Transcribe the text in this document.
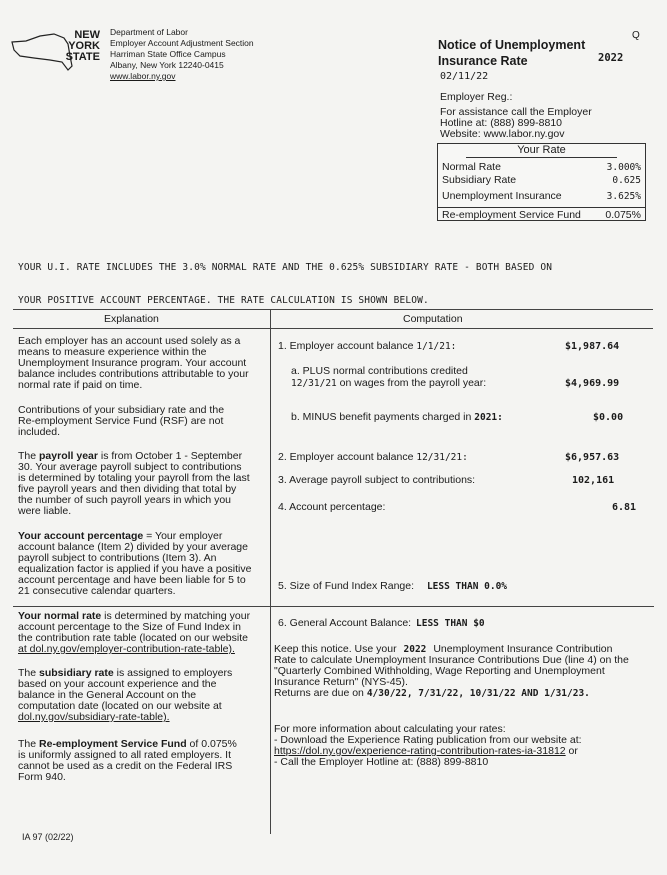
Q
NEW
YORK
STATE
Department of Labor
Employer Account Adjustment Section
Harriman State Office Campus
Albany, New York 12240-0415
www.labor.ny.gov
Notice of Unemployment
Insurance Rate	2022
02/11/22
Employer Reg.:
For assistance call the Employer
Hotline at: (888) 899-8810
Website: www.labor.ny.gov
Your Rate
Normal Rate	3.000%
Subsidiary Rate	0.625
Unemployment Insurance	3.625%
Re-employment Service Fund 0.075%

YOUR U.I. RATE INCLUDES THE 3.0% NORMAL RATE AND THE 0.625% SUBSIDIARY RATE - BOTH BASED ON

YOUR POSITIVE ACCOUNT PERCENTAGE. THE RATE CALCULATION IS SHOWN BELOW.

Explanation	Computation
Each employer has an account used solely as a
means to measure experience within the
Unemployment Insurance program. Your account
balance includes contributions attributable to your
normal rate if paid on time.
Contributions of your subsidiary rate and the
Re-employment Service Fund (RSF) are not
included.
The payroll year is from October 1 - September
30. Your average payroll subject to contributions
is determined by totaling your payroll from the last
five payroll years and then dividing that total by
the number of such payroll years in which you
were liable.
Your account percentage = Your employer
account balance (Item 2) divided by your average
payroll subject to contributions (Item 3). An
equalization factor is applied if you have a positive
account percentage and have been liable for 5 to
21 consecutive calendar quarters.
Your normal rate is determined by matching your
account percentage to the Size of Fund Index in
the contribution rate table (located on our website
at dol.ny.gov/employer-contribution-rate-table).
The subsidiary rate is assigned to employers
based on your account experience and the
balance in the General Account on the
computation date (located on our website at
dol.ny.gov/subsidiary-rate-table).
The Re-employment Service Fund of 0.075%
is uniformly assigned to all rated employers. It
cannot be used as a credit on the Federal IRS
Form 940.
1. Employer account balance 1/1/21:	$1,987.64
a. PLUS normal contributions credited
12/31/21 on wages from the payroll year:	$4,969.99
b. MINUS benefit payments charged in 2021:	$0.00
2. Employer account balance 12/31/21:	$6,957.63
3. Average payroll subject to contributions:	102,161
4. Account percentage:	6.81
5. Size of Fund Index Range: LESS THAN 0.0%
6. General Account Balance: LESS THAN $0
Keep this notice. Use your 2022 Unemployment Insurance Contribution
Rate to calculate Unemployment Insurance Contributions Due (line 4) on the
"Quarterly Combined Withholding, Wage Reporting and Unemployment
Insurance Return" (NYS-45).
Returns are due on 4/30/22, 7/31/22, 10/31/22 AND 1/31/23.
For more information about calculating your rates:
- Download the Experience Rating publication from our website at:
https://dol.ny.gov/experience-rating-contribution-rates-ia-31812 or
- Call the Employer Hotline at: (888) 899-8810
IA 97 (02/22)
